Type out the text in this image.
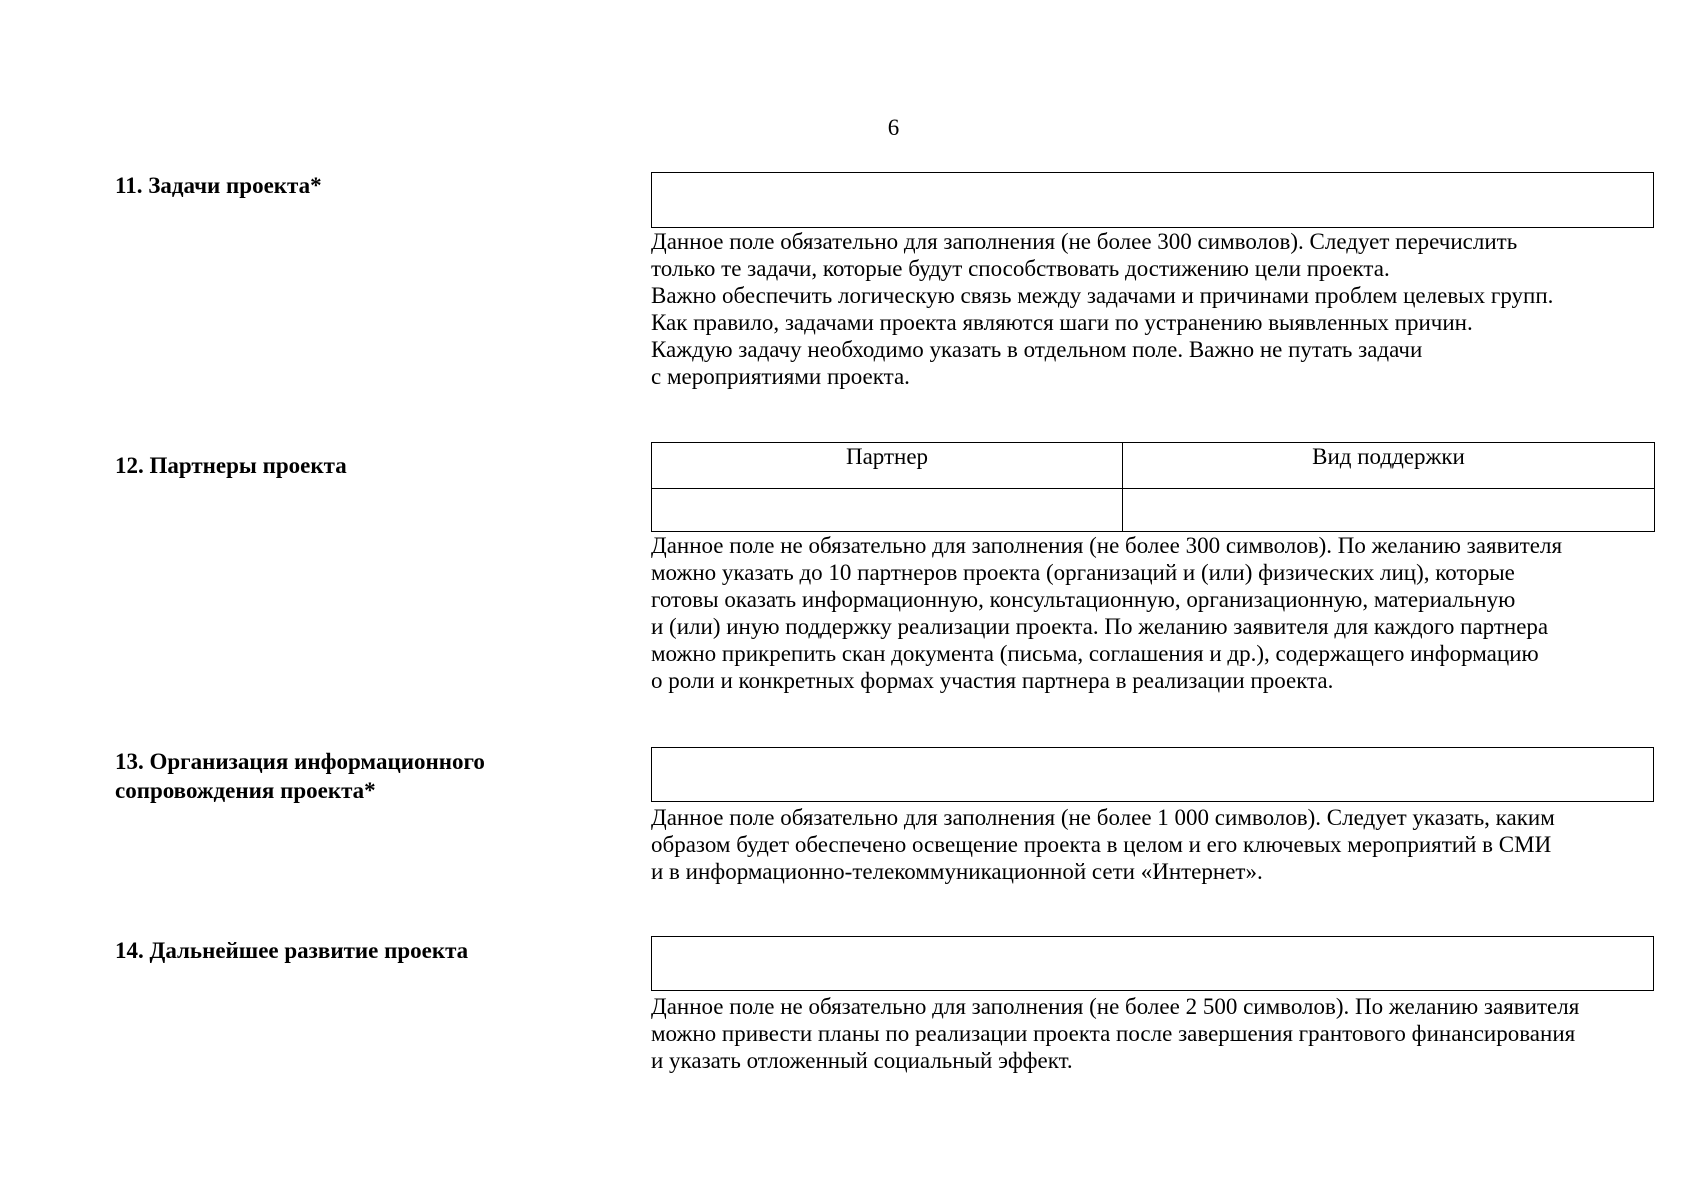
6
11. Задачи проекта*
Данное поле обязательно для заполнения (не более 300 символов). Следует перечислить
только те задачи, которые будут способствовать достижению цели проекта.
Важно обеспечить логическую связь между задачами и причинами проблем целевых групп.
Как правило, задачами проекта являются шаги по устранению выявленных причин.
Каждую задачу необходимо указать в отдельном поле. Важно не путать задачи
с мероприятиями проекта.
12. Партнеры проекта	Партнер	Вид поддержки

Данное поле не обязательно для заполнения (не более 300 символов). По желанию заявителя
можно указать до 10 партнеров проекта (организаций и (или) физических лиц), которые
готовы оказать информационную, консультационную, организационную, материальную
и (или) иную поддержку реализации проекта. По желанию заявителя для каждого партнера
можно прикрепить скан документа (письма, соглашения и др.), содержащего информацию
о роли и конкретных формах участия партнера в реализации проекта.
13. Организация информационного
сопровождения проекта*
Данное поле обязательно для заполнения (не более 1 000 символов). Следует указать, каким
образом будет обеспечено освещение проекта в целом и его ключевых мероприятий в СМИ
и в информационно-телекоммуникационной сети «Интернет».
14. Дальнейшее развитие проекта
Данное поле не обязательно для заполнения (не более 2 500 символов). По желанию заявителя
можно привести планы по реализации проекта после завершения грантового финансирования
и указать отложенный социальный эффект.
